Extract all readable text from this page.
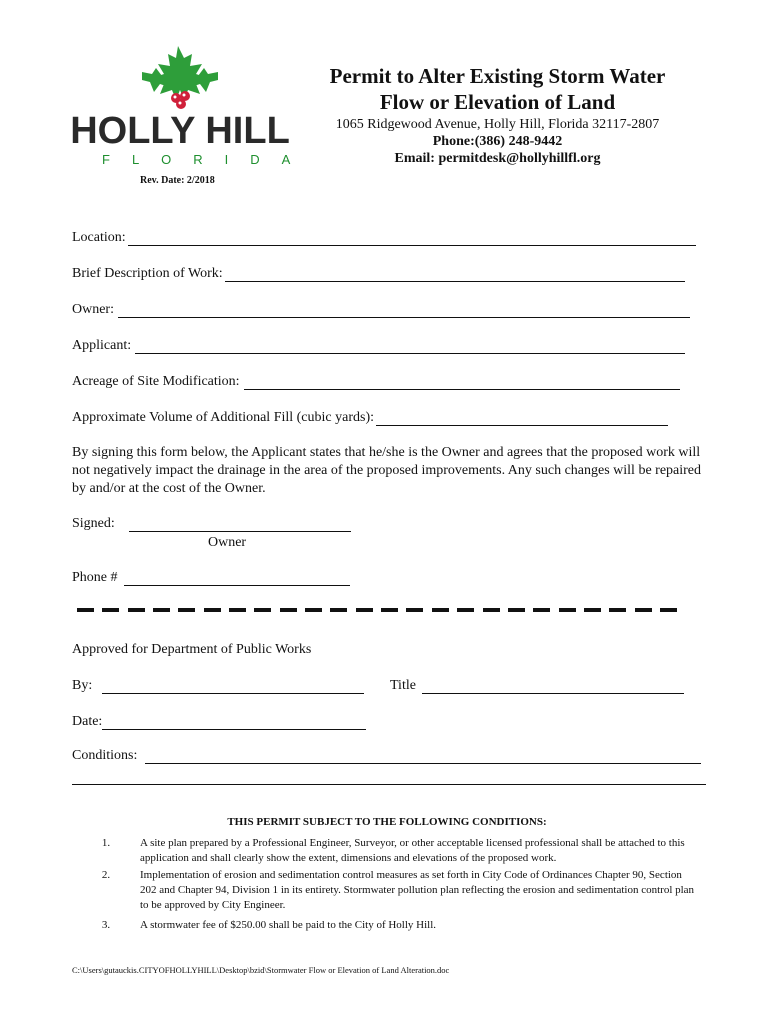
HOLLY HILL
FLORIDA
Rev. Date: 2/2018
Permit to Alter Existing Storm Water
Flow or Elevation of Land
1065 Ridgewood Avenue, Holly Hill, Florida 32117-2807
Phone:(386) 248-9442
Email: permitdesk@hollyhillfl.org
Location:
Brief Description of Work:
Owner:
Applicant:
Acreage of Site Modification:
Approximate Volume of Additional Fill (cubic yards):
By signing this form below, the Applicant states that he/she is the Owner and agrees that the proposed work will not negatively impact the drainage in the area of the proposed improvements. Any such changes will be repaired by and/or at the cost of the Owner.
Signed:
Owner
Phone #
Approved for Department of Public Works
By:	Title
Date:
Conditions:
THIS PERMIT SUBJECT TO THE FOLLOWING CONDITIONS:
1.	A site plan prepared by a Professional Engineer, Surveyor, or other acceptable licensed professional shall be attached to this application and shall clearly show the extent, dimensions and elevations of the proposed work.
2.	Implementation of erosion and sedimentation control measures as set forth in City Code of Ordinances Chapter 90, Section 202 and Chapter 94, Division 1 in its entirety. Stormwater pollution plan reflecting the erosion and sedimentation control plan to be approved by City Engineer.
3.	A stormwater fee of $250.00 shall be paid to the City of Holly Hill.
C:\Users\gutauckis.CITYOFHOLLYHILL\Desktop\bzid\Stormwater Flow or Elevation of Land Alteration.doc
